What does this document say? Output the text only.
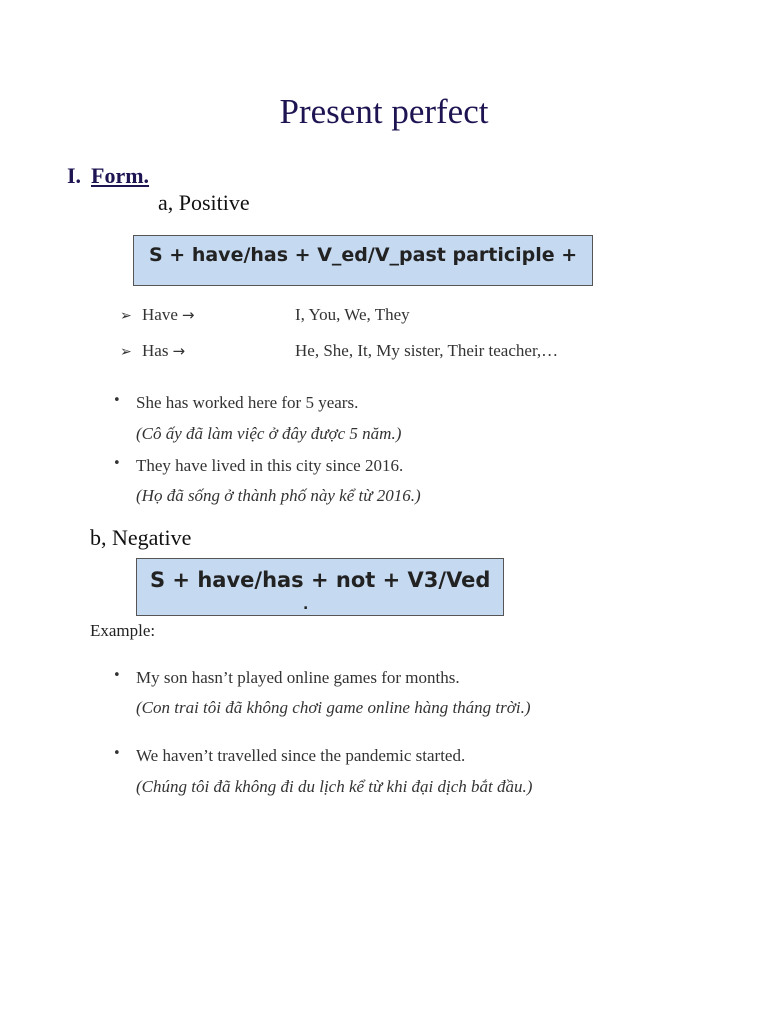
Present perfect
I. Form.
a, Positive
S + have/has + V_ed/V_past participle +
➢ Have →	I, You, We, They
➢ Has →	He, She, It, My sister, Their teacher,…
• She has worked here for 5 years.
(Cô ấy đã làm việc ở đây được 5 năm.)
• They have lived in this city since 2016.
(Họ đã sống ở thành phố này kể từ 2016.)
b, Negative
S + have/has + not + V3/Ved
.
Example:
• My son hasn’t played online games for months.
(Con trai tôi đã không chơi game online hàng tháng trời.)
• We haven’t travelled since the pandemic started.
(Chúng tôi đã không đi du lịch kể từ khi đại dịch bắt đầu.)
